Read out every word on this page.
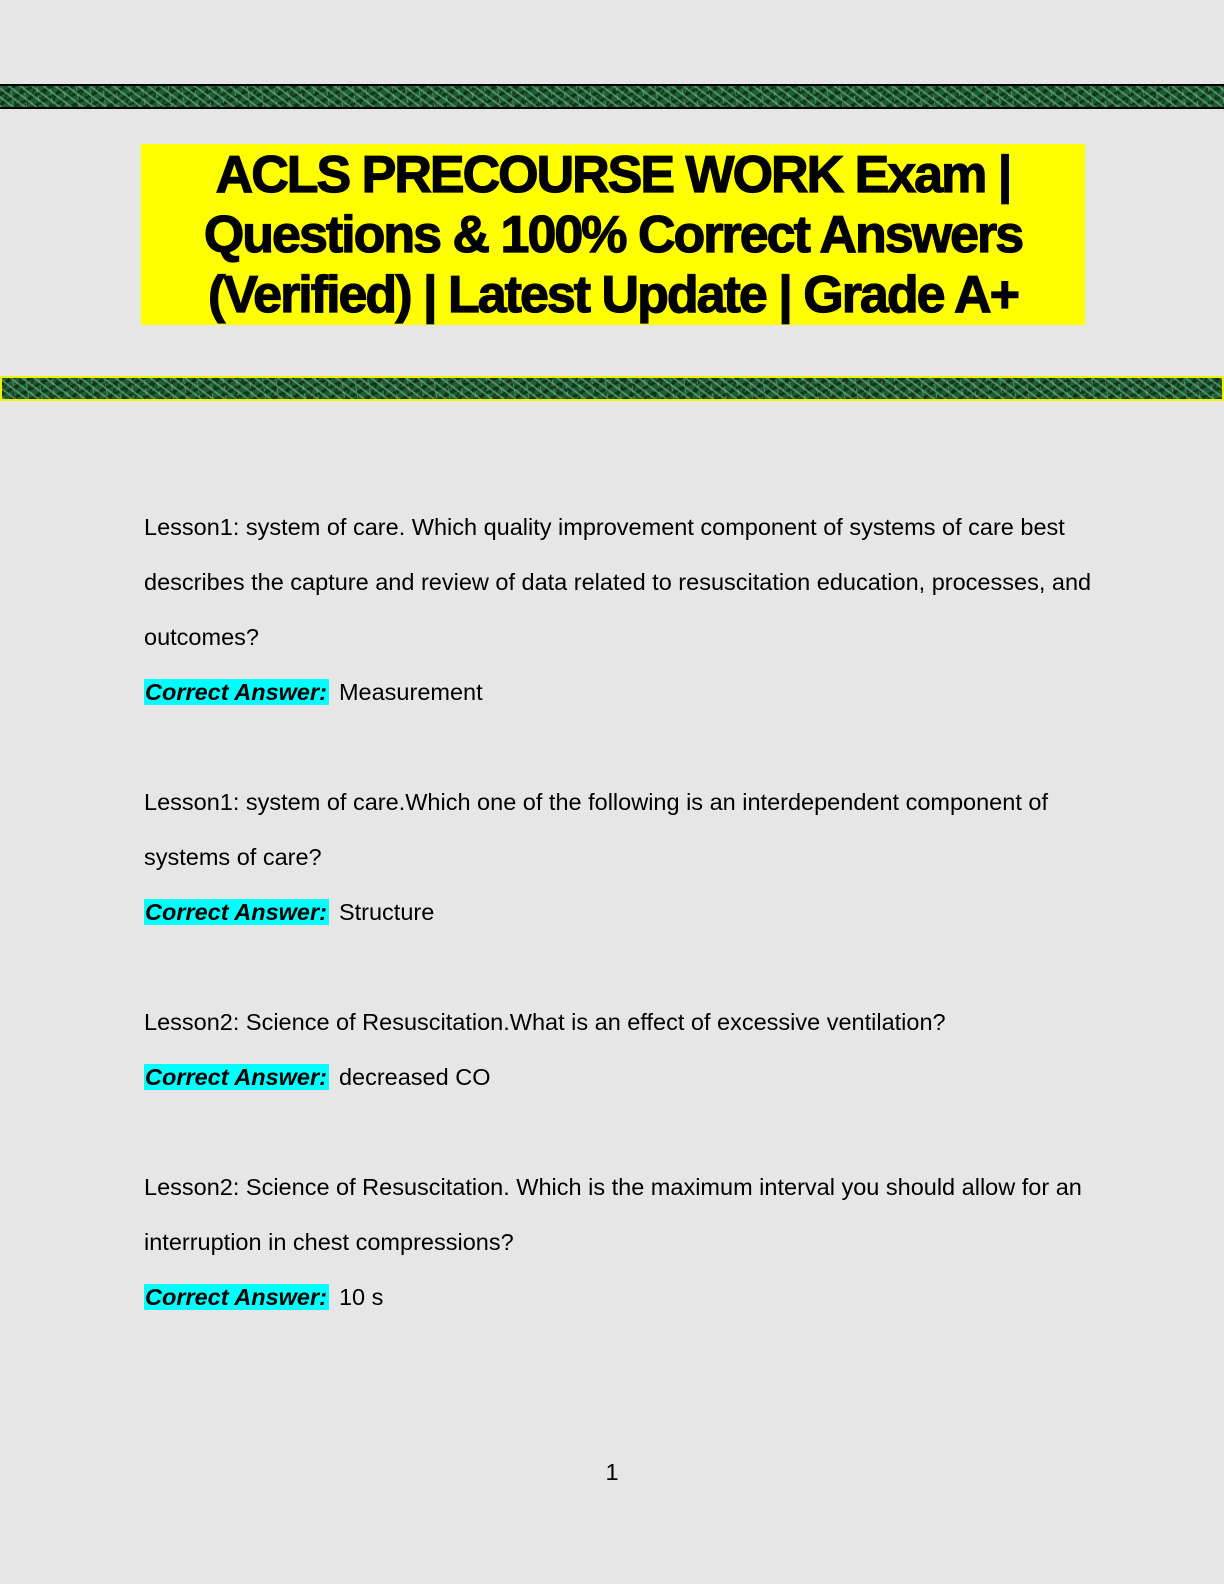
ACLS PRECOURSE WORK Exam | Questions & 100% Correct Answers (Verified) | Latest Update | Grade A+

Lesson1: system of care. Which quality improvement component of systems of care best describes the capture and review of data related to resuscitation education, processes, and outcomes?

Correct Answer: Measurement

Lesson1: system of care.Which one of the following is an interdependent component of systems of care?

Correct Answer: Structure

Lesson2: Science of Resuscitation.What is an effect of excessive ventilation?

Correct Answer: decreased CO

Lesson2: Science of Resuscitation. Which is the maximum interval you should allow for an interruption in chest compressions?

Correct Answer: 10 s

1
